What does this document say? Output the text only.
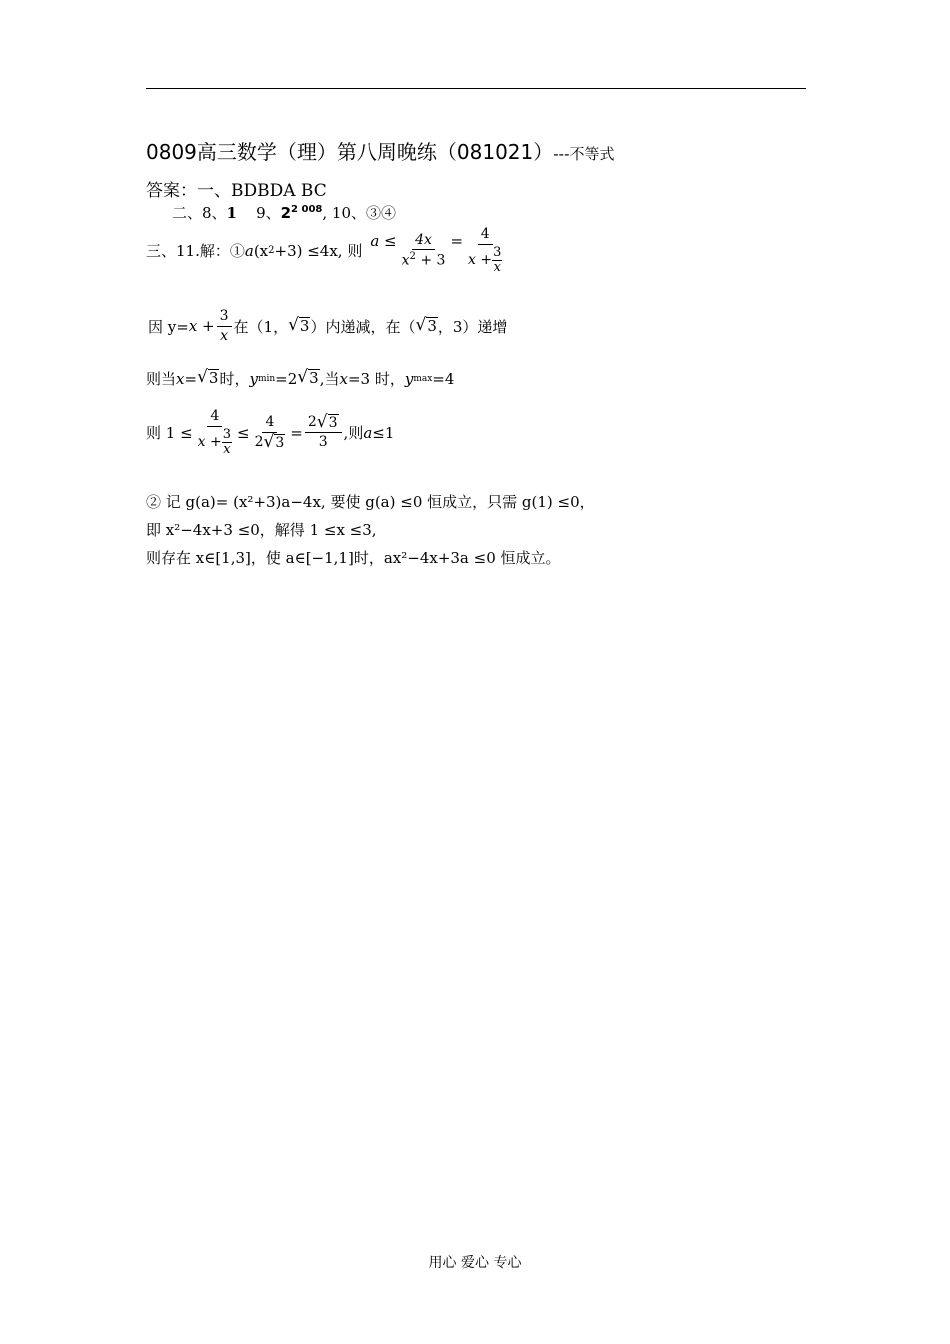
0809高三数学（理）第八周晚练（081021）---不等式
答案：一、BDBDA BC
二、8、1 9、$2^{2 008}$, 10、③④
三、11.解：① a (x 2 +3) ≤4x, 则
$a \le \frac{4x}{x^2 + 3} = \frac{4}{x + \frac{3}{x}}$
因 $y= x + \frac{3}{x}$ 在（1， √ 3 ）内递减，在（ √ 3 ，3）递增
则当 x = √ 3 时， y min =2 √ 3 ,当 x =3 时， y max =4
则 $1 \le \frac{4}{x + \frac{3}{x}} \le \frac{4}{2 √ 3} = \frac{2 √ 3}{3}$ ,则 a ≤1
② 记 g(a)= (x²+3)a−4x, 要使 g(a) ≤0 恒成立，只需 g(1) ≤0，
即 x²−4x+3 ≤0，解得 1 ≤x ≤3,
则存在 x∈[1,3]，使 a∈[−1,1]时，ax²−4x+3a ≤0 恒成立。
用心 爱心 专心
